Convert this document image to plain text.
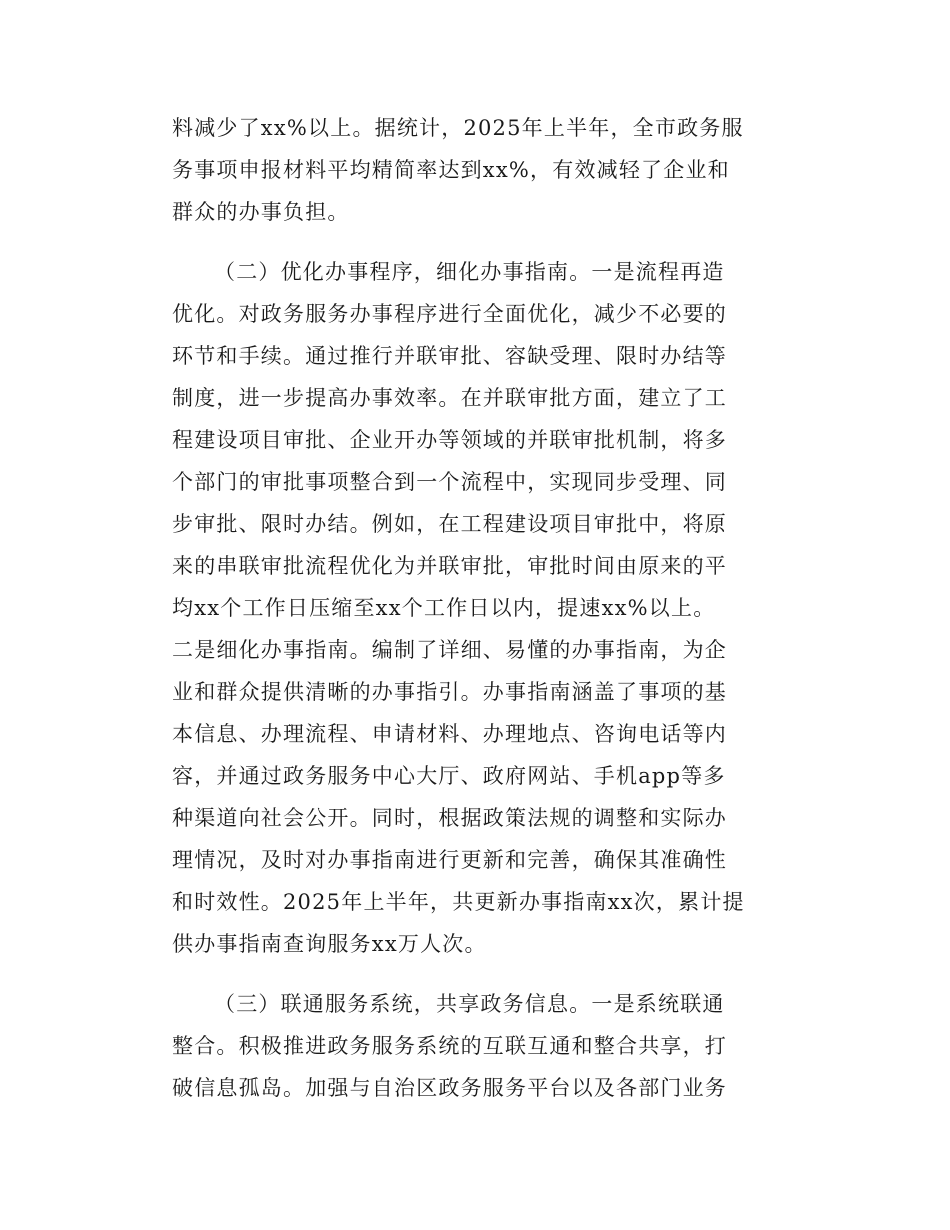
料减少了xx%以上。据统计，2025年上半年，全市政务服
务事项申报材料平均精简率达到xx%，有效减轻了企业和
群众的办事负担。
（二）优化办事程序，细化办事指南。一是流程再造
优化。对政务服务办事程序进行全面优化，减少不必要的
环节和手续。通过推行并联审批、容缺受理、限时办结等
制度，进一步提高办事效率。在并联审批方面，建立了工
程建设项目审批、企业开办等领域的并联审批机制，将多
个部门的审批事项整合到一个流程中，实现同步受理、同
步审批、限时办结。例如，在工程建设项目审批中，将原
来的串联审批流程优化为并联审批，审批时间由原来的平
均xx个工作日压缩至xx个工作日以内，提速xx%以上。
二是细化办事指南。编制了详细、易懂的办事指南，为企
业和群众提供清晰的办事指引。办事指南涵盖了事项的基
本信息、办理流程、申请材料、办理地点、咨询电话等内
容，并通过政务服务中心大厅、政府网站、手机app等多
种渠道向社会公开。同时，根据政策法规的调整和实际办
理情况，及时对办事指南进行更新和完善，确保其准确性
和时效性。2025年上半年，共更新办事指南xx次，累计提
供办事指南查询服务xx万人次。
（三）联通服务系统，共享政务信息。一是系统联通
整合。积极推进政务服务系统的互联互通和整合共享，打
破信息孤岛。加强与自治区政务服务平台以及各部门业务
